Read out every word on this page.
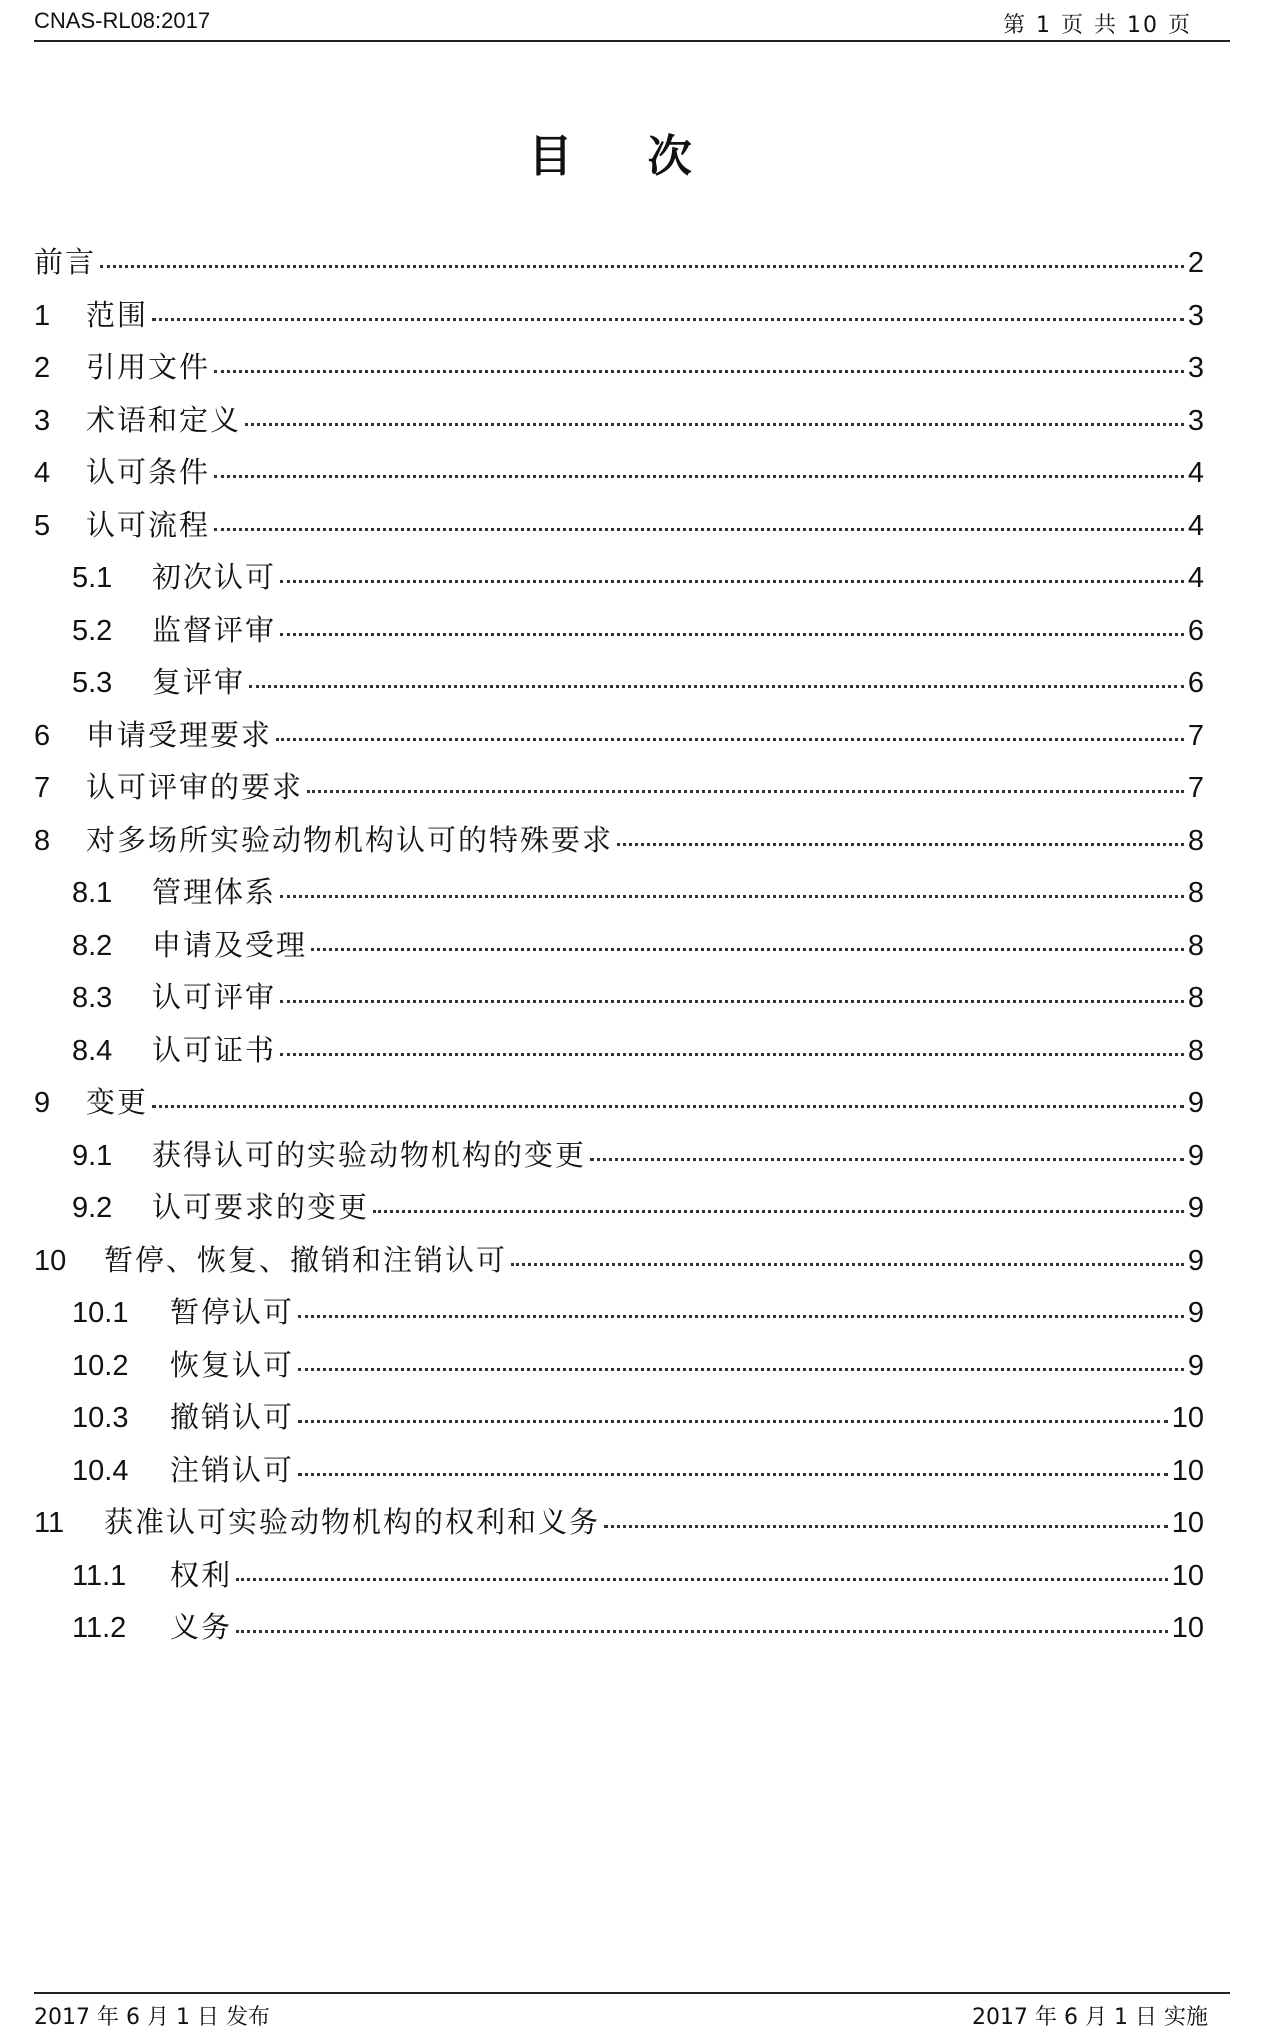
CNAS-RL08:2017	第 1 页 共 10 页
目 次
前言	2
1	范围	3
2	引用文件	3
3	术语和定义	3
4	认可条件	4
5	认可流程	4
5.1	初次认可	4
5.2	监督评审	6
5.3	复评审	6
6	申请受理要求	7
7	认可评审的要求	7
8	对多场所实验动物机构认可的特殊要求	8
8.1	管理体系	8
8.2	申请及受理	8
8.3	认可评审	8
8.4	认可证书	8
9	变更	9
9.1	获得认可的实验动物机构的变更	9
9.2	认可要求的变更	9
10	暂停、恢复、撤销和注销认可	9
10.1	暂停认可	9
10.2	恢复认可	9
10.3	撤销认可	10
10.4	注销认可	10
11	获准认可实验动物机构的权利和义务	10
11.1	权利	10
11.2	义务	10
2017 年 6 月 1 日 发布	2017 年 6 月 1 日 实施
